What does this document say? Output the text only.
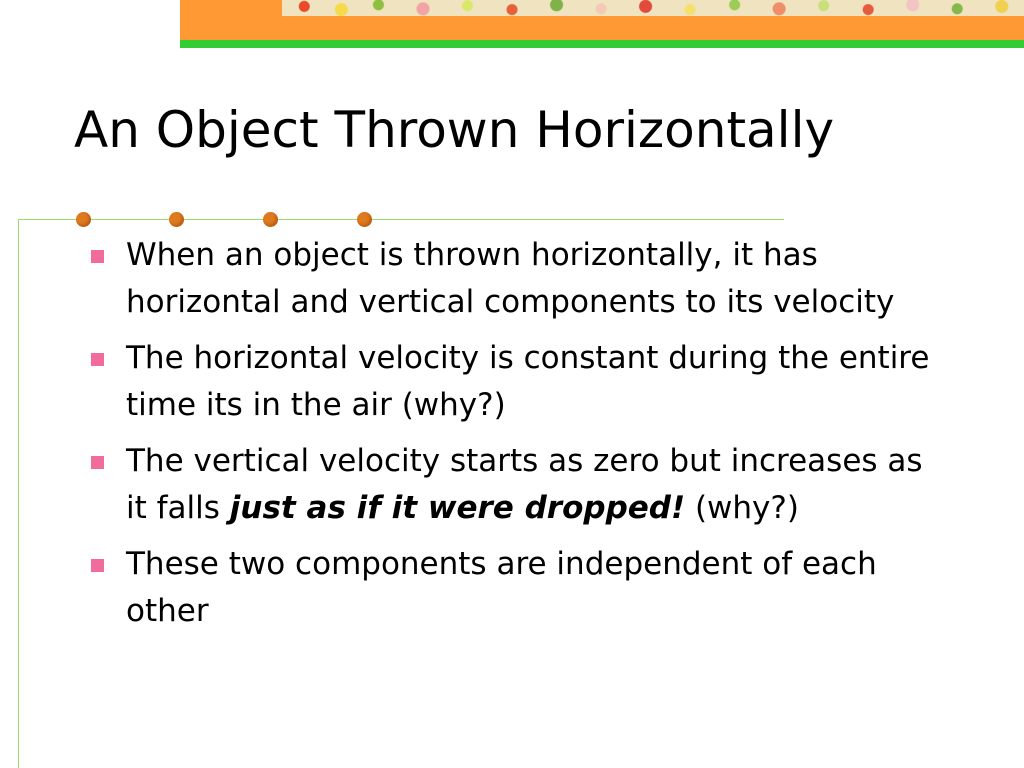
An Object Thrown Horizontally
When an object is thrown horizontally, it has horizontal and vertical components to its velocity
The horizontal velocity is constant during the entire time its in the air (why?)
The vertical velocity starts as zero but increases as it falls just as if it were dropped! (why?)
These two components are independent of each other
